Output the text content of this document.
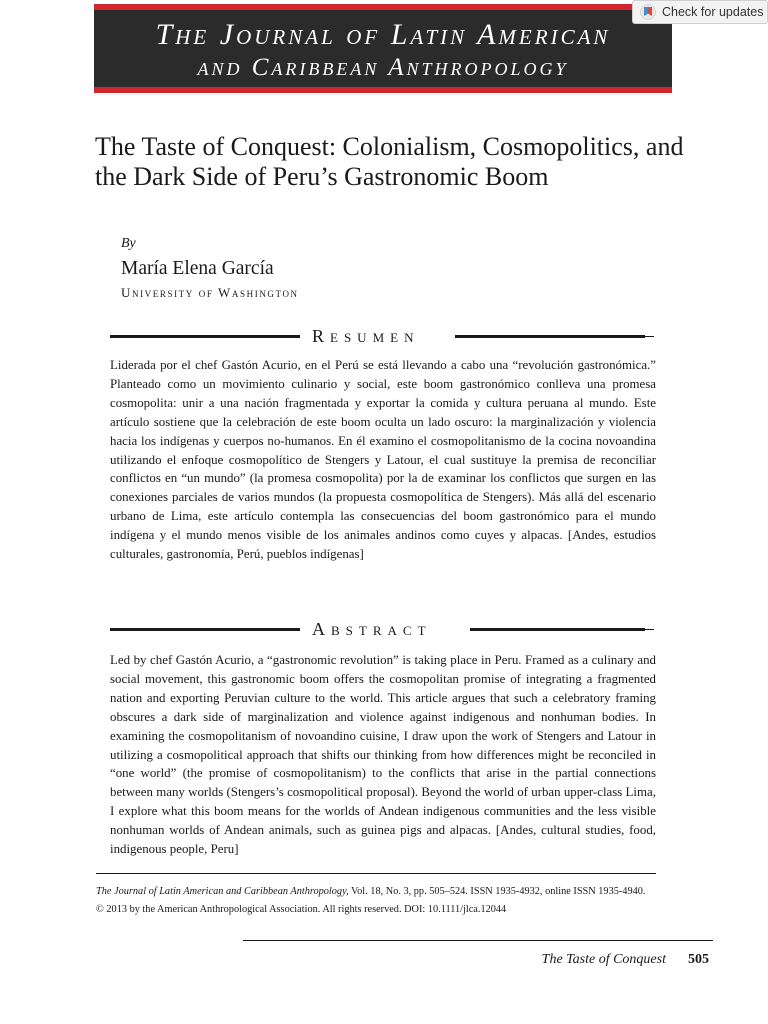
The Journal of Latin American
and Caribbean Anthropology
Check for updates
The Taste of Conquest: Colonialism, Cosmopolitics, and the Dark Side of Peru’s Gastronomic Boom
By
María Elena García
University of Washington
Resumen
Liderada por el chef Gastón Acurio, en el Perú se está llevando a cabo una “revolución gastronómica.” Planteado como un movimiento culinario y social, este boom gastronómico conlleva una promesa cosmopolita: unir a una nación fragmentada y exportar la comida y cultura peruana al mundo. Este artículo sostiene que la celebración de este boom oculta un lado oscuro: la marginalización y violencia hacia los indígenas y cuerpos no-humanos. En él examino el cosmopolitanismo de la cocina novoandina utilizando el enfoque cosmopolítico de Stengers y Latour, el cual sustituye la premisa de reconciliar conflictos en “un mundo” (la promesa cosmopolita) por la de examinar los conflictos que surgen en las conexiones parciales de varios mundos (la propuesta cosmopolítica de Stengers). Más allá del escenario urbano de Lima, este artículo contempla las consecuencias del boom gastronómico para el mundo indígena y el mundo menos visible de los animales andinos como cuyes y alpacas. [Andes, estudios culturales, gastronomía, Perú, pueblos indígenas]
Abstract
Led by chef Gastón Acurio, a “gastronomic revolution” is taking place in Peru. Framed as a culinary and social movement, this gastronomic boom offers the cosmopolitan promise of integrating a fragmented nation and exporting Peruvian culture to the world. This article argues that such a celebratory framing obscures a dark side of marginalization and violence against indigenous and nonhuman bodies. In examining the cosmopolitanism of novoandino cuisine, I draw upon the work of Stengers and Latour in utilizing a cosmopolitical approach that shifts our thinking from how differences might be reconciled in “one world” (the promise of cosmopolitanism) to the conflicts that arise in the partial connections between many worlds (Stengers’s cosmopolitical proposal). Beyond the world of urban upper-class Lima, I explore what this boom means for the worlds of Andean indigenous communities and the less visible nonhuman worlds of Andean animals, such as guinea pigs and alpacas. [Andes, cultural studies, food, indigenous people, Peru]
The Journal of Latin American and Caribbean Anthropology, Vol. 18, No. 3, pp. 505–524. ISSN 1935-4932, online ISSN 1935-4940.
© 2013 by the American Anthropological Association. All rights reserved. DOI: 10.1111/jlca.12044
The Taste of Conquest 505
